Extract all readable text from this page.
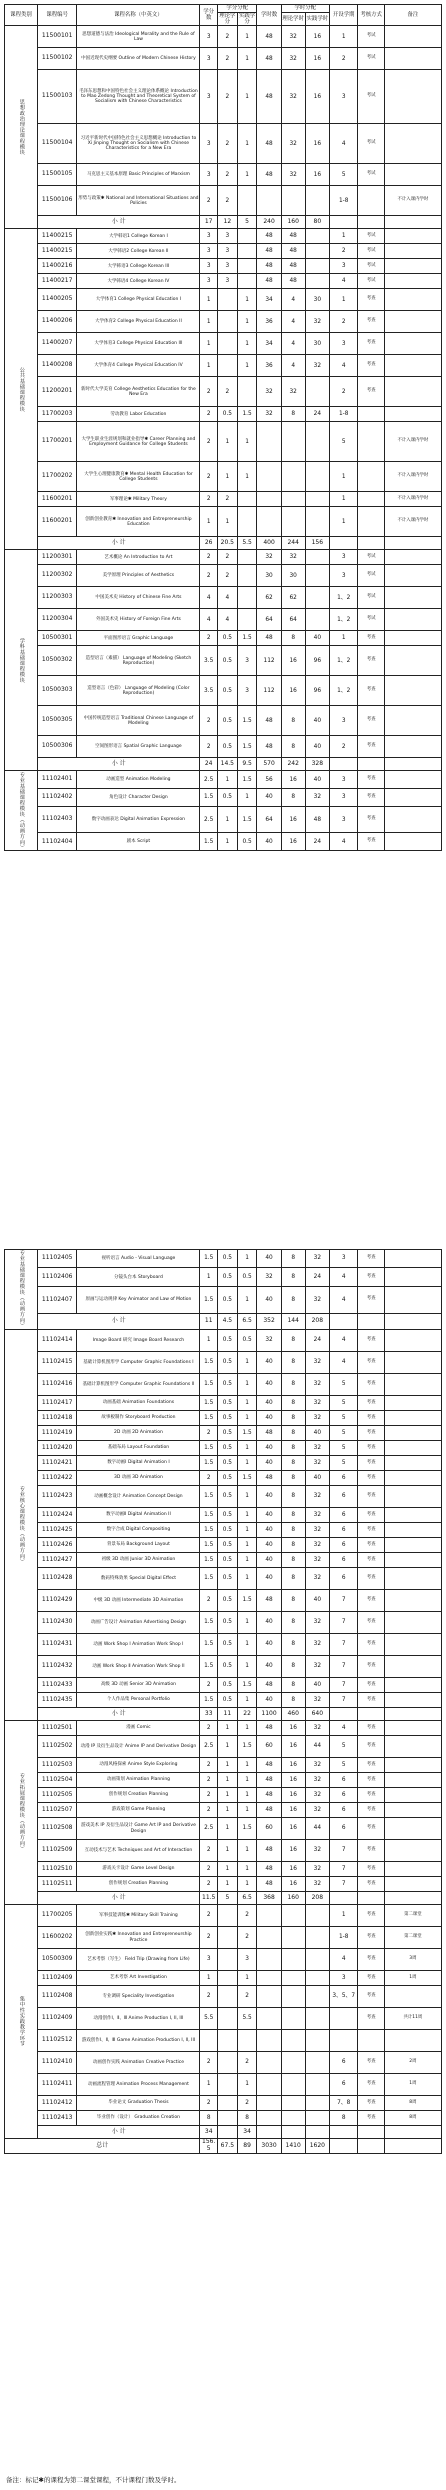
课程类别	课程编号	课程名称（中英文）	学分数	学分分配		学时数	学时分配		开设学期	考核方式	备注
				理论学分	实践学分		理论学时	实践学时			
思想政治理论课程模块	11500101	思想道德与法治 Ideological Morality and the Rule of Law	3	2	1	48	32	16	1	考试	
	11500102	中国近现代史纲要 Outline of Modern Chinese History	3	2	1	48	32	16	2	考试	
	11500103	毛泽东思想和中国特色社会主义理论体系概论 Introduction to Mao Zedong Thought and Theoretical System of Socialism with Chinese Characteristics	3	2	1	48	32	16	3	考试	
	11500104	习近平新时代中国特色社会主义思想概论 Introduction to Xi Jinping Thought on Socialism with Chinese Characteristics for a New Era	3	2	1	48	32	16	4	考试	
	11500105	马克思主义基本原理 Basic Principles of Marxism	3	2	1	48	32	16	5	考试	
	11500106	形势与政策✱ National and International Situations and Policies	2	2					1-8		不计入课内学时
	小 计		17	12	5	240	160	80			
公共基础课程模块	11400215	大学韩语1 College Korean I	3	3		48	48		1	考试	
	11400215	大学韩语2 College Korean II	3	3		48	48		2	考试	
	11400216	大学韩语3 College Korean III	3	3		48	48		3	考试	
	11400217	大学韩语4 College Korean IV	3	3		48	48		4	考试	
	11400205	大学体育1 College Physical Education I	1		1	34	4	30	1	考查	
	11400206	大学体育2 College Physical Education II	1		1	36	4	32	2	考查	
	11400207	大学体育3 College Physical Education III	1		1	34	4	30	3	考查	
	11400208	大学体育4 College Physical Education IV	1		1	36	4	32	4	考查	
	11200201	新时代大学美育 College Aesthetics Education for the New Era	2	2		32	32		2	考查	
	11700203	劳动教育 Labor Education	2	0.5	1.5	32	8	24	1-8		
	11700201	大学生职业生涯规划和就业指导✱ Career Planning and Employment Guidance for College Students	2	1	1				5		不计入课内学时
	11700202	大学生心理健康教育✱ Mental Health Education for College Students	2	1	1				1		不计入课内学时
	11600201	军事理论✱ Military Theory	2	2					1		不计入课内学时
	11600201	创新创业教育✱ Innovation and Entrepreneurship Education	1	1					1		不计入课内学时
	小 计		26	20.5	5.5	400	244	156			
学科基础课程模块	11200301	艺术概论 An Introduction to Art	2	2		32	32		3	考试	
	11200302	美学原理 Principles of Aesthetics	2	2		30	30		3	考试	
	11200303	中国美术史 History of Chinese Fine Arts	4	4		62	62		1、2	考试	
	11200304	外国美术史 History of Foreign Fine Arts	4	4		64	64		1、2	考试	
	10500301	平面图形语言 Graphic Language	2	0.5	1.5	48	8	40	1	考查	
	10500302	造型语言（素描） Language of Modeling (Sketch Reproduction)	3.5	0.5	3	112	16	96	1、2	考查	
	10500303	造型语言（色彩） Language of Modeling (Color Reproduction)	3.5	0.5	3	112	16	96	1、2	考查	
	10500305	中国传统造型语言 Traditional Chinese Language of Modeling	2	0.5	1.5	48	8	40	3	考查	
	10500306	空间图形语言 Spatial Graphic Language	2	0.5	1.5	48	8	40	2	考查	
	小 计		24	14.5	9.5	570	242	328			
专业基础课程模块（动画方向）	11102401	动画造型 Animation Modeling	2.5	1	1.5	56	16	40	3	考查	
	11102402	角色设计 Character Design	1.5	0.5	1	40	8	32	3	考查	
	11102403	数字动画表达 Digital Animation Expression	2.5	1	1.5	64	16	48	3	考查	
	11102404	剧本 Script	1.5	1	0.5	40	16	24	4	考查	
专业基础课程模块（动画方向）	11102405	视听语言 Audio - Visual Language	1.5	0.5	1	40	8	32	3	考查	
	11102406	分镜头台本 Storyboard	1	0.5	0.5	32	8	24	4	考查	
	11102407	原画与运动规律 Key Animator and Law of Motion	1.5	0.5	1	40	8	32	4	考查	
	小 计		11	4.5	6.5	352	144	208			
专业核心课程模块（动画方向）	11102414	Image Board 研究 Image Board Research	1	0.5	0.5	32	8	24	4	考查	
	11102415	基础计算机图形学 Computer Graphic Foundations I	1.5	0.5	1	40	8	32	4	考查	
	11102416	基础计算机图形学 Computer Graphic Foundations II	1.5	0.5	1	40	8	32	5	考查	
	11102417	动画基础 Animation Foundations	1.5	0.5	1	40	8	32	5	考查	
	11102418	故事板制作 Storyboard Production	1.5	0.5	1	40	8	32	5	考查	
	11102419	2D 动画 2D Animation	2	0.5	1.5	48	8	40	5	考查	
	11102420	基础布局 Layout Foundation	1.5	0.5	1	40	8	32	5	考查	
	11102421	数字动画Ⅰ Digital Animation I	1.5	0.5	1	40	8	32	5	考查	
	11102422	3D 动画 3D Animation	2	0.5	1.5	48	8	40	6	考查	
	11102423	动画概念设计 Animation Concept Design	1.5	0.5	1	40	8	32	6	考查	
	11102424	数字动画Ⅱ Digital Animation II	1.5	0.5	1	40	8	32	6	考查	
	11102425	数字合成 Digital Compositing	1.5	0.5	1	40	8	32	6	考查	
	11102426	背景布局 Background Layout	1.5	0.5	1	40	8	32	6	考查	
	11102427	初级 3D 动画 Junior 3D Animation	1.5	0.5	1	40	8	32	6	考查	
	11102428	数码特殊效果 Special Digital Effect	1.5	0.5	1	40	8	32	6	考查	
	11102429	中级 3D 动画 Intermediate 3D Animation	2	0.5	1.5	48	8	40	7	考查	
	11102430	动画广告设计 Animation Advertising Design	1.5	0.5	1	40	8	32	7	考查	
	11102431	动画 Work Shop Ⅰ Animation Work Shop I	1.5	0.5	1	40	8	32	7	考查	
	11102432	动画 Work Shop Ⅱ Animation Work Shop II	1.5	0.5	1	40	8	32	7	考查	
	11102433	高级 3D 动画 Senior 3D Animation	2	0.5	1.5	48	8	40	7	考查	
	11102435	个人作品集 Personal Portfolio	1.5	0.5	1	40	8	32	7	考查	
	小 计		33	11	22	1100	460	640			
专业拓展课程模块（动画方向）	11102501	漫画 Comic	2	1	1	48	16	32	4	考查	
	11102502	动漫 IP 及衍生品设计 Anime IP and Derivative Design	2.5	1	1.5	60	16	44	5	考查	
	11102503	动漫风格探索 Anime Style Exploring	2	1	1	48	16	32	5	考查	
	11102504	动画策划 Animation Planning	2	1	1	48	16	32	6	考查	
	11102505	创作规划 Creation Planning	2	1	1	48	16	32	6	考查	
	11102507	游戏策划 Game Planning	2	1	1	48	16	32	6	考查	
	11102508	游戏美术 IP 及衍生品设计 Game Art IP and Derivative Design	2.5	1	1.5	60	16	44	6	考查	
	11102509	互动技术与艺术 Techniques and Art of Interaction	2	1	1	48	16	32	7	考查	
	11102510	游戏关卡设计 Game Level Design	2	1	1	48	16	32	7	考查	
	11102511	创作规划 Creation Planning	2	1	1	48	16	32	7	考查	
	小 计		11.5	5	6.5	368	160	208			
集中性实践教学环节	11700205	军事技能训练✱ Military Skill Training	2		2				1	考查	第二课堂
	11600202	创新创业实践✱ Innovation and Entrepreneurship Practice	2		2				1-8	考查	第二课堂
	10500309	艺术考察（写生） Field Trip (Drawing from Life)	3		3				4	考查	3周
	11102409	艺术考察 Art Investigation	1		1				3	考查	1周
	11102408	专业调研 Speciality Investigation	2		2				3、5、7	考查	
	11102409	动漫创作Ⅰ、Ⅱ、Ⅲ Anime Production I, II, III	5.5		5.5					考查	共计11周
	11102512	游戏创作Ⅰ、Ⅱ、Ⅲ Game Animation Production I, II, III									
	11102410	动画创作实践 Animation Creative Practice	2		2				6	考查	2周
	11102411	动画流程管理 Animation Process Management	1		1				6	考查	1周
	11102412	毕业论文 Graduation Thesis	2		2				7、8	考查	8周
	11102413	毕业创作（设计） Graduation Creation	8		8				8	考查	8周
	小 计		34		34						
总计			156.5	67.5	89	3030	1410	1620			
备注：标记✱的课程为第二课堂课程，不计课程门数及学时。
